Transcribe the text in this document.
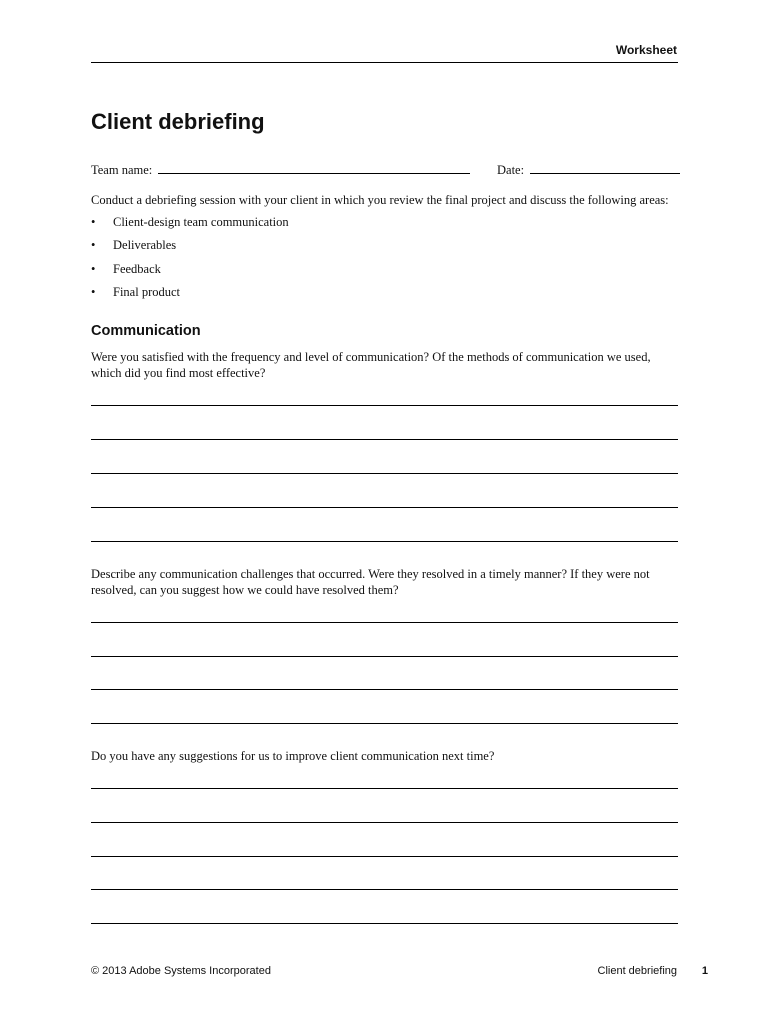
Worksheet
Client debriefing
Team name:	Date:

Conduct a debriefing session with your client in which you review the final project and discuss the following areas:

•	Client-design team communication
•	Deliverables
•	Feedback
•	Final product
Communication

Were you satisfied with the frequency and level of communication? Of the methods of communication we used, which did you find most effective?

Describe any communication challenges that occurred. Were they resolved in a timely manner? If they were not resolved, can you suggest how we could have resolved them?

Do you have any suggestions for us to improve client communication next time?

© 2013 Adobe Systems Incorporated	Client debriefing 1
